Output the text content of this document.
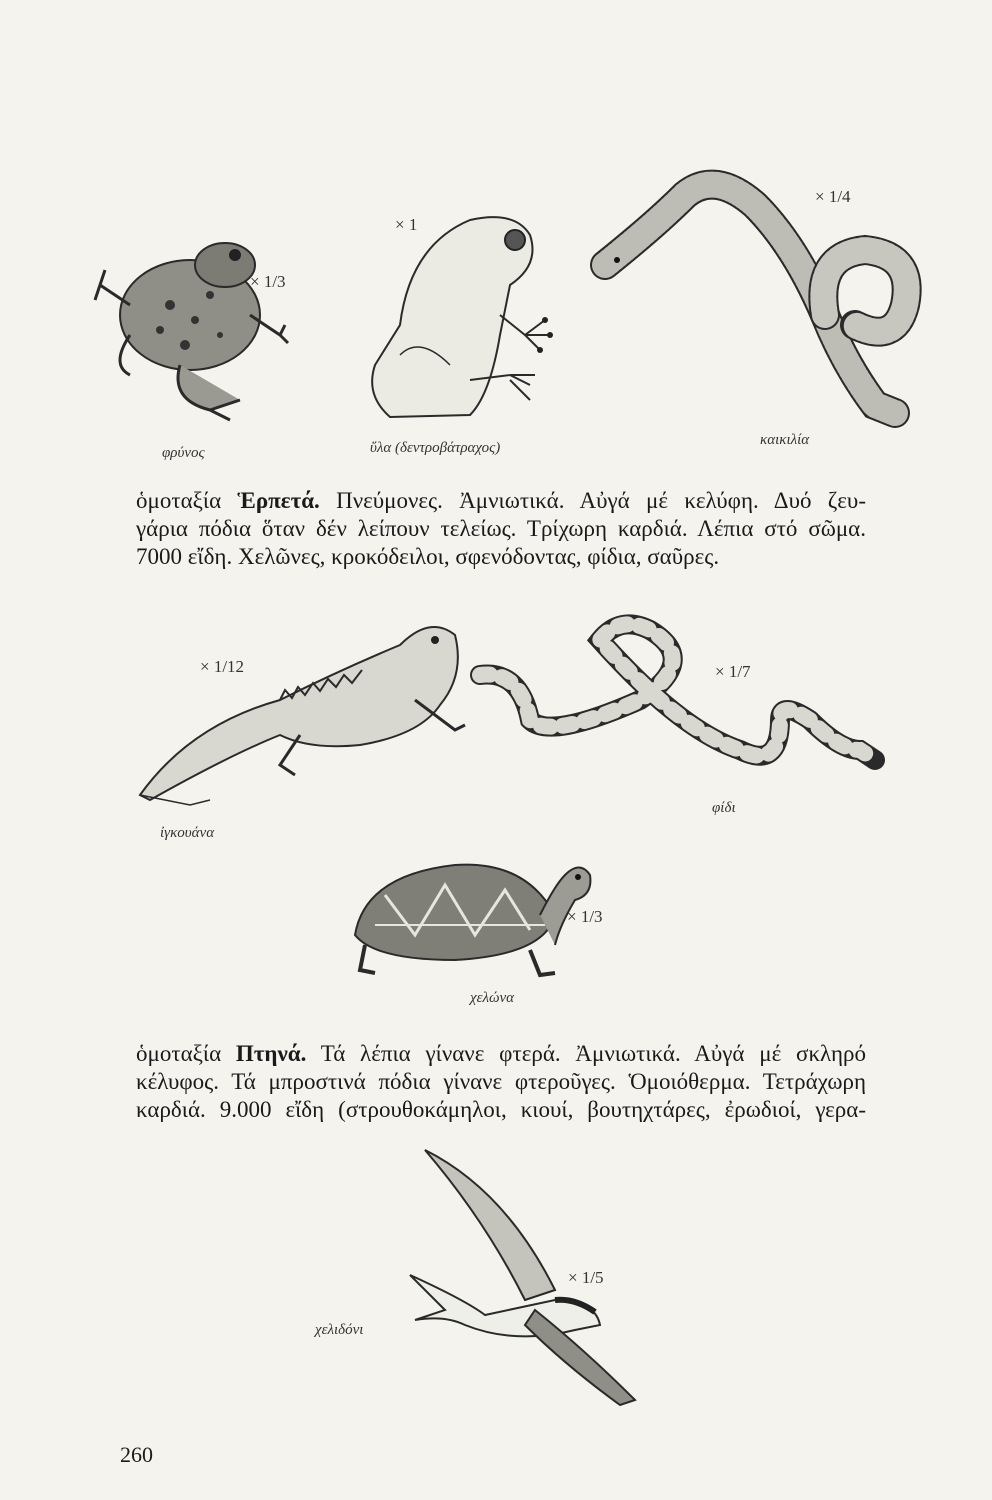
× 1/3
φρύνος
× 1
ὕλα (δεντροβάτραχος)
× 1/4
καικιλία
ὁμοταξία Ἑρπετά. Πνεύμονες. Ἀμνιωτικά. Αὐγά μέ κελύφη. Δυό ζευ-
γάρια πόδια ὅταν δέν λείπουν τελείως. Τρίχωρη καρδιά. Λέπια στό σῶμα.
7000 εἴδη. Χελῶνες, κροκόδειλοι, σφενόδοντας, φίδια, σαῦρες.
× 1/12
ἰγκουάνα
× 1/7
φίδι
× 1/3
χελώνα
ὁμοταξία Πτηνά. Τά λέπια γίνανε φτερά. Ἀμνιωτικά. Αὐγά μέ σκληρό
κέλυφος. Τά μπροστινά πόδια γίνανε φτεροῦγες. Ὁμοιόθερμα. Τετράχωρη
καρδιά. 9.000 εἴδη (στρουθοκάμηλοι, κιουί, βουτηχτάρες, ἐρωδιοί, γερα-
× 1/5
χελιδόνι
260
